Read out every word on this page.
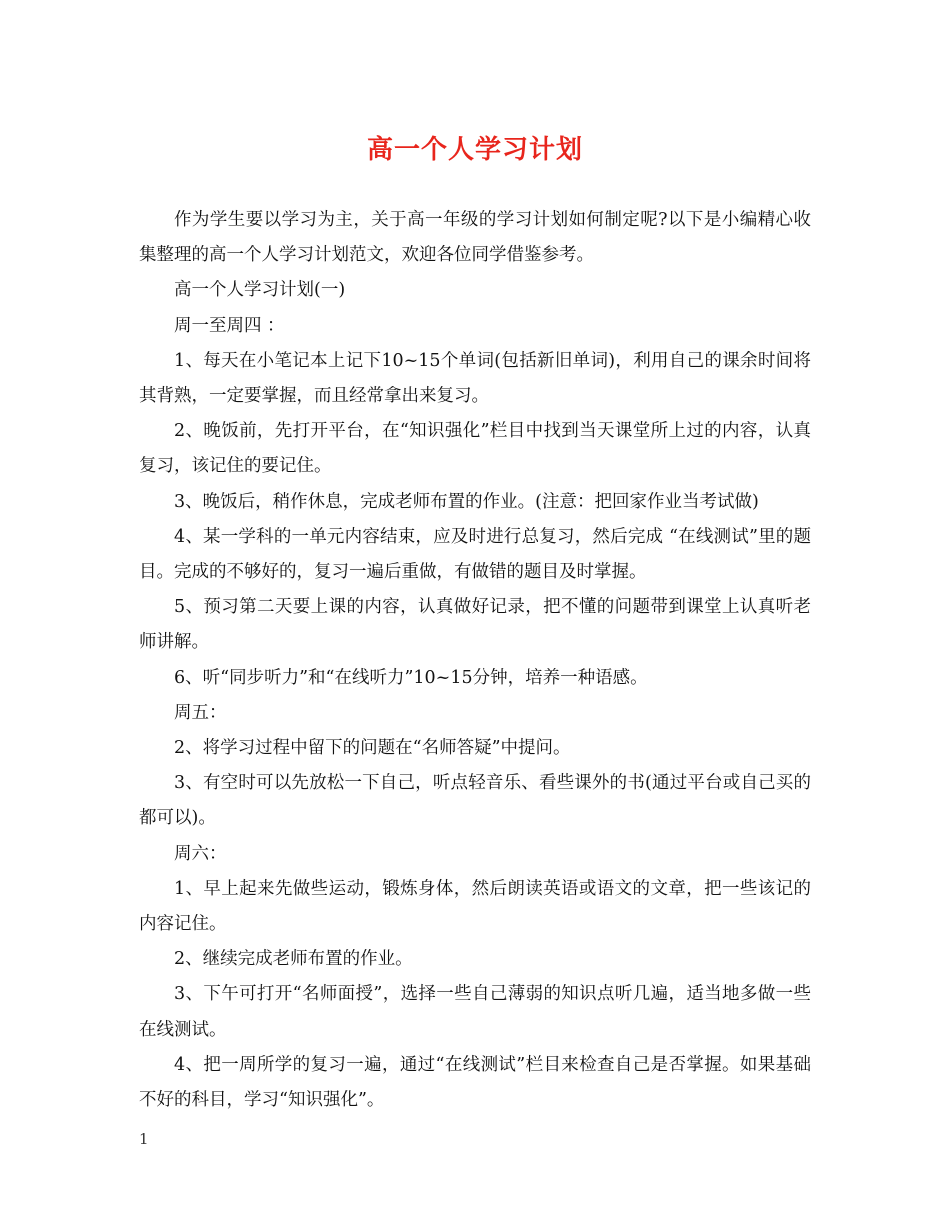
高一个人学习计划

作为学生要以学习为主，关于高一年级的学习计划如何制定呢?以下是小编精心收集整理的高一个人学习计划范文，欢迎各位同学借鉴参考。

高一个人学习计划(一)

周一至周四 ：

1、每天在小笔记本上记下10~15个单词(包括新旧单词)，利用自己的课余时间将其背熟，一定要掌握，而且经常拿出来复习。

2、晚饭前，先打开平台，在“知识强化”栏目中找到当天课堂所上过的内容，认真复习，该记住的要记住。

3、晚饭后，稍作休息，完成老师布置的作业。(注意：把回家作业当考试做)

4、某一学科的一单元内容结束，应及时进行总复习，然后完成 “在线测试”里的题目。完成的不够好的，复习一遍后重做，有做错的题目及时掌握。

5、预习第二天要上课的内容，认真做好记录，把不懂的问题带到课堂上认真听老师讲解。

6、听“同步听力”和“在线听力”10~15分钟，培养一种语感。

周五：

2、将学习过程中留下的问题在“名师答疑”中提问。

3、有空时可以先放松一下自己，听点轻音乐、看些课外的书(通过平台或自己买的都可以)。

周六：

1、早上起来先做些运动，锻炼身体，然后朗读英语或语文的文章，把一些该记的内容记住。

2、继续完成老师布置的作业。

3、下午可打开“名师面授”，选择一些自己薄弱的知识点听几遍，适当地多做一些在线测试。

4、把一周所学的复习一遍，通过“在线测试”栏目来检查自己是否掌握。如果基础不好的科目，学习“知识强化”。

1
